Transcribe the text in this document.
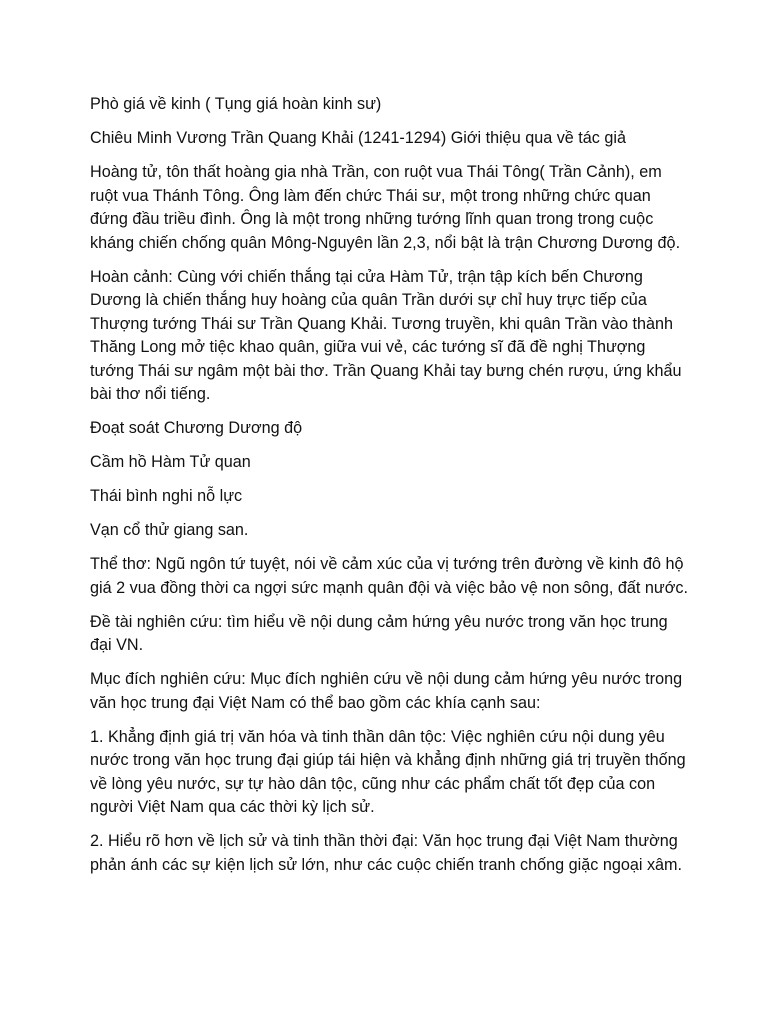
Phò giá về kinh ( Tụng giá hoàn kinh sư)

Chiêu Minh Vương Trần Quang Khải (1241-1294) Giới thiệu qua về tác giả

Hoàng tử, tôn thất hoàng gia nhà Trần, con ruột vua Thái Tông( Trần Cảnh), em ruột vua Thánh Tông. Ông làm đến chức Thái sư, một trong những chức quan đứng đầu triều đình. Ông là một trong những tướng lĩnh quan trong trong cuộc kháng chiến chống quân Mông-Nguyên lần 2,3, nổi bật là trận Chương Dương độ.

Hoàn cảnh: Cùng với chiến thắng tại cửa Hàm Tử, trận tập kích bến Chương Dương là chiến thắng huy hoàng của quân Trần dưới sự chỉ huy trực tiếp của Thượng tướng Thái sư Trần Quang Khải. Tương truyền, khi quân Trần vào thành Thăng Long mở tiệc khao quân, giữa vui vẻ, các tướng sĩ đã đề nghị Thượng tướng Thái sư ngâm một bài thơ. Trần Quang Khải tay bưng chén rượu, ứng khẩu bài thơ nổi tiếng.

Đoạt soát Chương Dương độ

Cầm hồ Hàm Tử quan

Thái bình nghi nỗ lực

Vạn cổ thử giang san.

Thể thơ: Ngũ ngôn tứ tuyệt, nói về cảm xúc của vị tướng trên đường về kinh đô hộ giá 2 vua đồng thời ca ngợi sức mạnh quân đội và việc bảo vệ non sông, đất nước.

Đề tài nghiên cứu: tìm hiểu về nội dung cảm hứng yêu nước trong văn học trung đại VN.

Mục đích nghiên cứu: Mục đích nghiên cứu về nội dung cảm hứng yêu nước trong văn học trung đại Việt Nam có thể bao gồm các khía cạnh sau:

1. Khẳng định giá trị văn hóa và tinh thần dân tộc: Việc nghiên cứu nội dung yêu nước trong văn học trung đại giúp tái hiện và khẳng định những giá trị truyền thống về lòng yêu nước, sự tự hào dân tộc, cũng như các phẩm chất tốt đẹp của con người Việt Nam qua các thời kỳ lịch sử.

2. Hiểu rõ hơn về lịch sử và tinh thần thời đại: Văn học trung đại Việt Nam thường phản ánh các sự kiện lịch sử lớn, như các cuộc chiến tranh chống giặc ngoại xâm.
